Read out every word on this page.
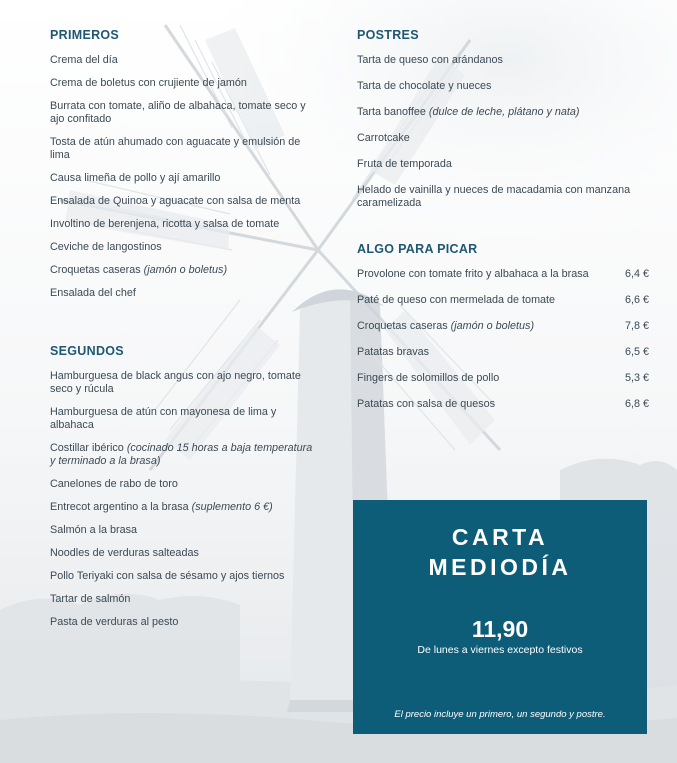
PRIMEROS
Crema del día
Crema de boletus con crujiente de jamón
Burrata con tomate, aliño de albahaca, tomate seco y ajo confitado
Tosta de atún ahumado con aguacate y emulsión de lima
Causa limeña de pollo y ají amarillo
Ensalada de Quinoa y aguacate con salsa de menta
Involtino de berenjena, ricotta y salsa de tomate
Ceviche de langostinos
Croquetas caseras (jamón o boletus)
Ensalada del chef
SEGUNDOS
Hamburguesa de black angus con ajo negro, tomate seco y rúcula
Hamburguesa de atún con mayonesa de lima y albahaca
Costillar ibérico (cocinado 15 horas a baja temperatura y terminado a la brasa)
Canelones de rabo de toro
Entrecot argentino a la brasa (suplemento 6 €)
Salmón a la brasa
Noodles de verduras salteadas
Pollo Teriyaki con salsa de sésamo y ajos tiernos
Tartar de salmón
Pasta de verduras al pesto
POSTRES
Tarta de queso con arándanos
Tarta de chocolate y nueces
Tarta banoffee (dulce de leche, plátano y nata)
Carrotcake
Fruta de temporada
Helado de vainilla y nueces de macadamia con manzana caramelizada
ALGO PARA PICAR
Provolone con tomate frito y albahaca a la brasa	6,4 €
Paté de queso con mermelada de tomate	6,6 €
Croquetas caseras (jamón o boletus)	7,8 €
Patatas bravas	6,5 €
Fingers de solomillos de pollo	5,3 €
Patatas con salsa de quesos	6,8 €
CARTA
MEDIODÍA
11,90
De lunes a viernes excepto festivos
El precio incluye un primero, un segundo y postre.
